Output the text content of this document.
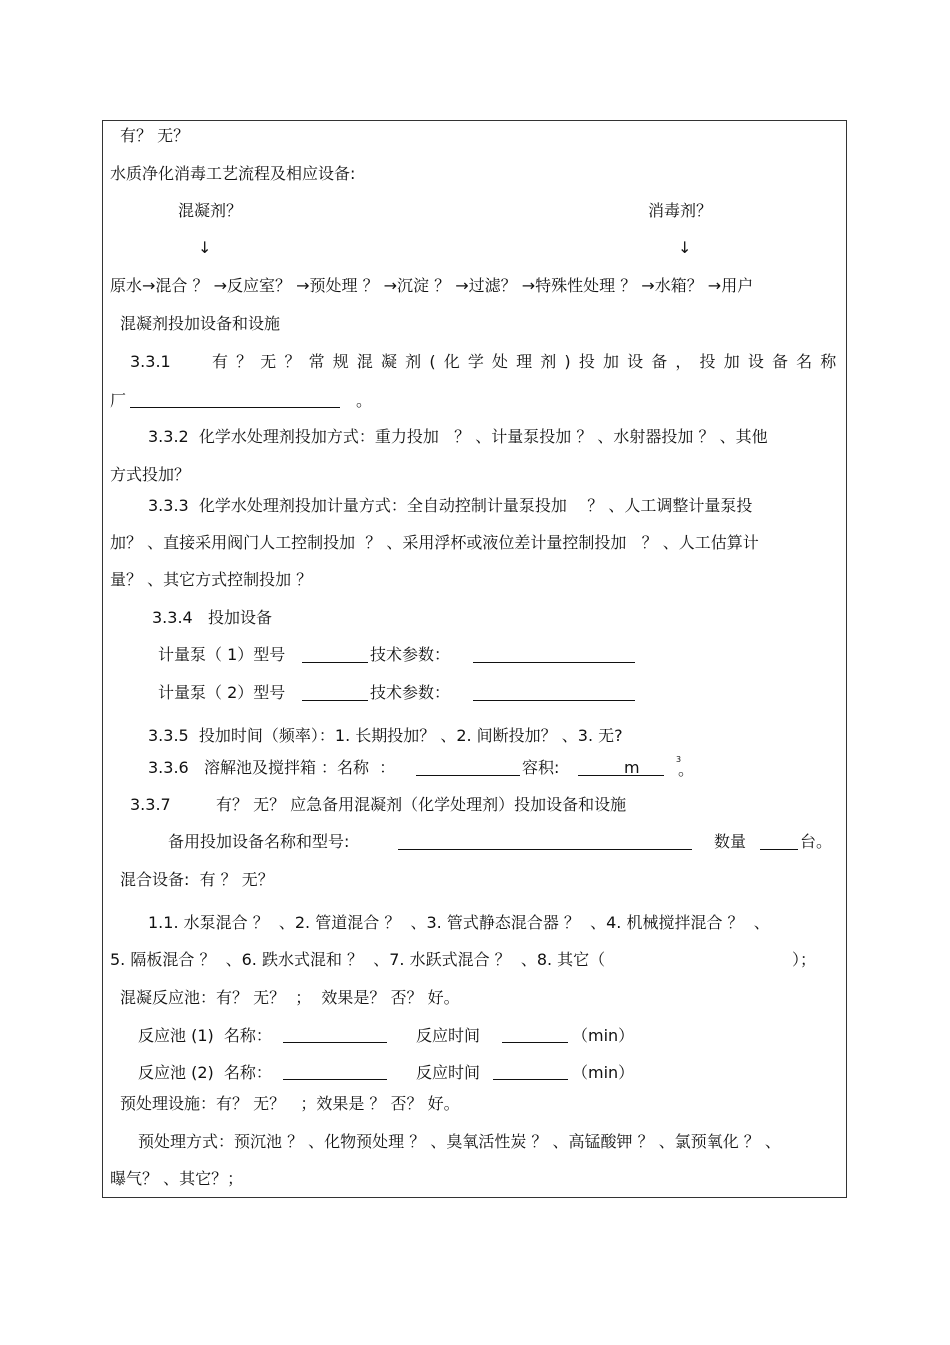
有？ 无？
水质净化消毒工艺流程及相应设备:
混凝剂？	消毒剂？
↓	↓
原水→混合 ？ →反应室？ →预处理 ？ →沉淀 ？ →过滤？ →特殊性处理 ？ →水箱？ →用户
混凝剂投加设备和设施
3.3.1	有 ？ 无 ？ 常 规 混 凝 剂 ( 化 学 处 理 剂 ) 投 加 设 备 ， 投 加 设 备 名 称
厂	。
3.3.2  化学水处理剂投加方式：重力投加   ？ 、计量泵投加 ？ 、水射器投加 ？ 、其他
方式投加？
3.3.3  化学水处理剂投加计量方式：全自动控制计量泵投加    ？ 、人工调整计量泵投
加？ 、直接采用阀门人工控制投加  ？ 、采用浮杯或液位差计量控制投加   ？ 、人工估算计
量？ 、其它方式控制投加 ？
3.3.4   投加设备
计量泵（ 1）型号	技术参数：
计量泵（ 2）型号	技术参数：
3.3.5  投加时间（频率）：1. 长期投加？ 、2. 间断投加？ 、3. 无?
3.3.6   溶解池及搅拌箱 ：名称  ：	容积:	m	3
。
3.3.7	有？ 无？ 应急备用混凝剂（化学处理剂）投加设备和设施
备用投加设备名称和型号:	数量	台。
混合设备:  有 ？ 无？
1.1. 水泵混合 ？  、2. 管道混合 ？  、3. 管式静态混合器 ？  、4. 机械搅拌混合 ？  、
5. 隔板混合 ？  、6. 跌水式混和 ？  、7. 水跃式混合 ？  、8. 其它（	）；
混凝反应池：有？ 无？  ；  效果是？ 否？ 好。
反应池 (1)  名称：	反应时间	（min）
反应池 (2)  名称：	反应时间	（min）
预处理设施：有？ 无？   ；效果是 ？ 否？ 好。
预处理方式：预沉池 ？ 、化物预处理 ？ 、臭氧活性炭 ？ 、高锰酸钾 ？ 、氯预氧化 ？ 、
曝气？ 、其它？；
